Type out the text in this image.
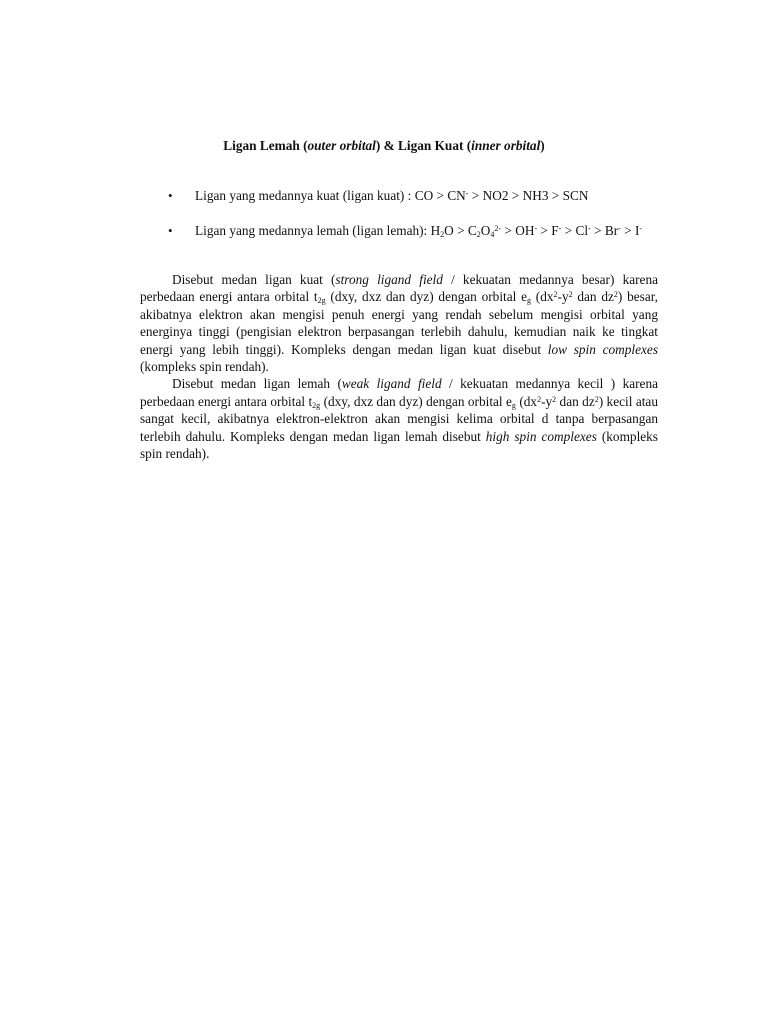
Ligan Lemah (outer orbital) & Ligan Kuat (inner orbital)
• Ligan yang medannya kuat (ligan kuat) : CO > CN- > NO2 > NH3 > SCN
• Ligan yang medannya lemah (ligan lemah): $H_2O > C_2O_4^{2-} > OH^- > F^- > Cl^- > Br^- > I^-$

Disebut medan ligan kuat (strong ligand field / kekuatan medannya besar) karena perbedaan energi antara orbital $t_{2g}$ (dxy, dxz dan dyz) dengan orbital $e_g$ ($dx^2-y^2$ dan $dz^2$) besar, akibatnya elektron akan mengisi penuh energi yang rendah sebelum mengisi orbital yang energinya tinggi (pengisian elektron berpasangan terlebih dahulu, kemudian naik ke tingkat energi yang lebih tinggi). Kompleks dengan medan ligan kuat disebut low spin complexes (kompleks spin rendah).

Disebut medan ligan lemah (weak ligand field / kekuatan medannya kecil ) karena perbedaan energi antara orbital $t_{2g}$ (dxy, dxz dan dyz) dengan orbital $e_g$ ($dx^2-y^2$ dan $dz^2$) kecil atau sangat kecil, akibatnya elektron-elektron akan mengisi kelima orbital d tanpa berpasangan terlebih dahulu. Kompleks dengan medan ligan lemah disebut high spin complexes (kompleks spin rendah).
